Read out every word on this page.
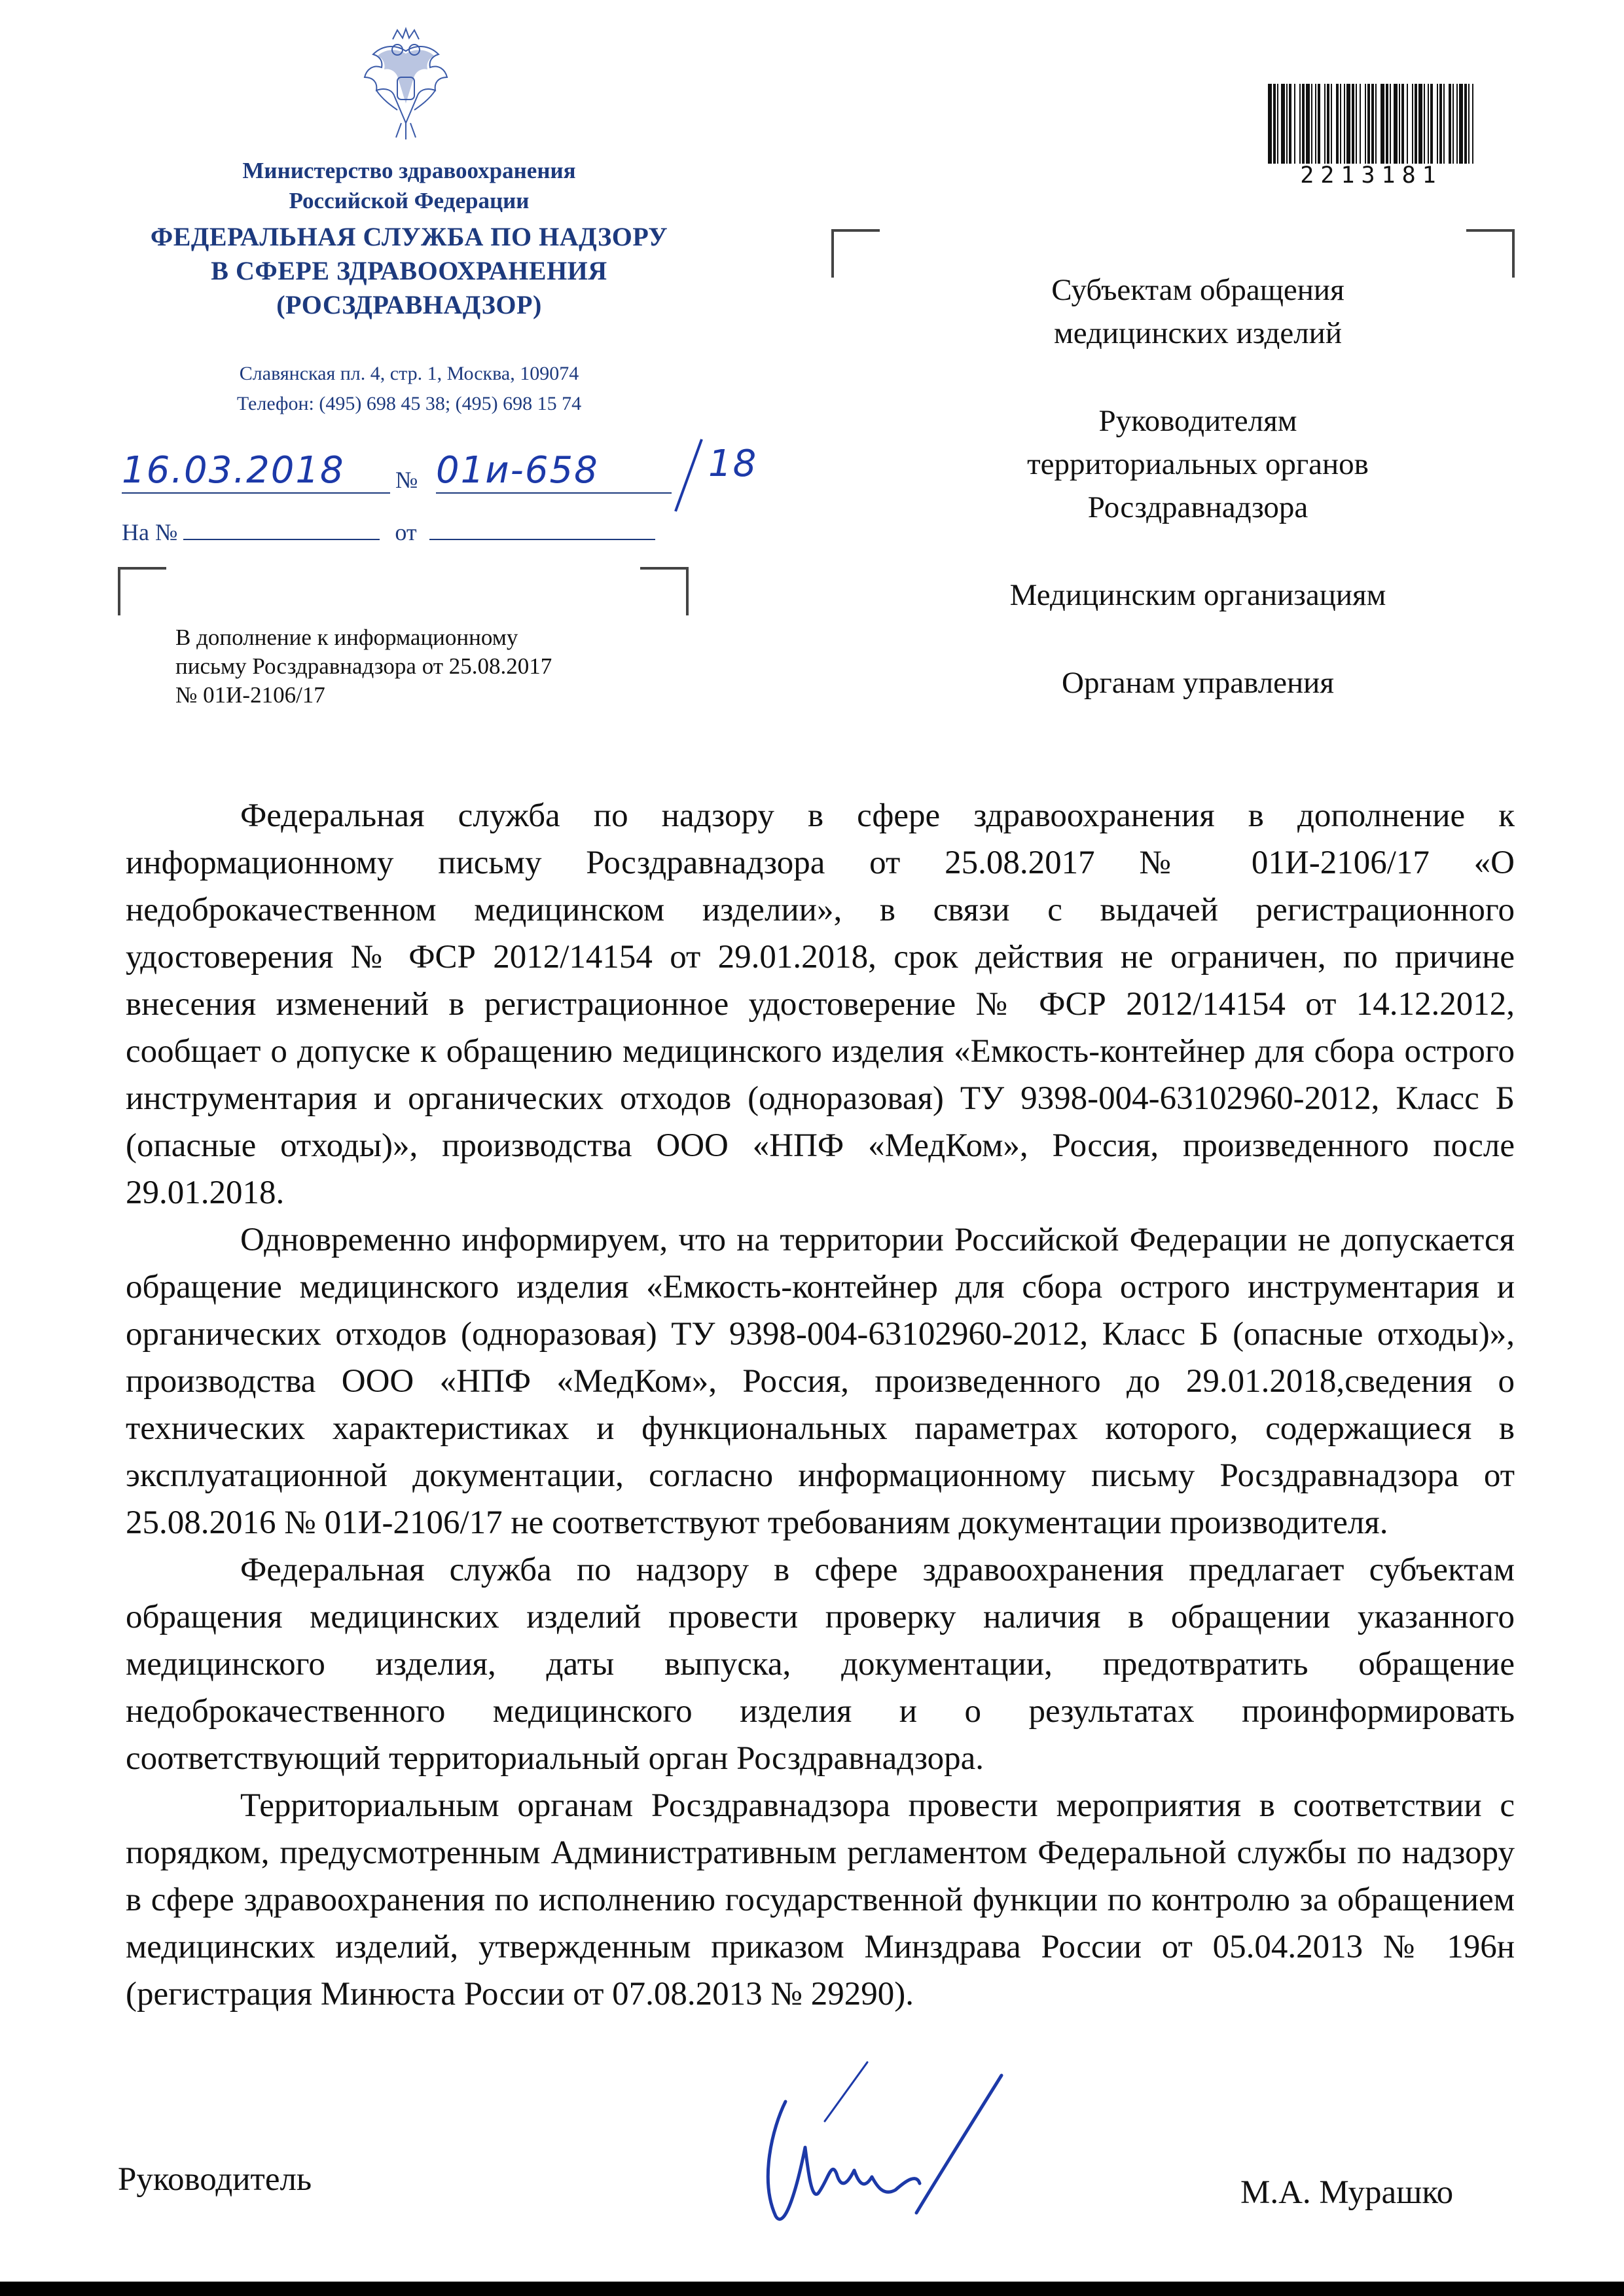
Министерство здравоохранения
Российской Федерации
ФЕДЕРАЛЬНАЯ СЛУЖБА ПО НАДЗОРУ
В СФЕРЕ ЗДРАВООХРАНЕНИЯ
(РОСЗДРАВНАДЗОР)
Славянская пл. 4, стр. 1, Москва, 109074
Телефон: (495) 698 45 38; (495) 698 15 74
16.03.2018	№ 01и-658	18
На №	от
В дополнение к информационному
письму Росздравнадзора от 25.08.2017
№ 01И-2106/17
2213181

Субъектам обращения медицинских изделий

Руководителям территориальных органов Росздравнадзора

Медицинским организациям

Органам управления

Федеральная служба по надзору в сфере здравоохранения в дополнение к информационному письму Росздравнадзора от 25.08.2017 № 01И-2106/17 «О недоброкачественном медицинском изделии», в связи с выдачей регистрационного удостоверения № ФСР 2012/14154 от 29.01.2018, срок действия не ограничен, по причине внесения изменений в регистрационное удостоверение № ФСР 2012/14154 от 14.12.2012, сообщает о допуске к обращению медицинского изделия «Емкость-контейнер для сбора острого инструментария и органических отходов (одноразовая) ТУ 9398-004-63102960-2012, Класс Б (опасные отходы)», производства ООО «НПФ «МедКом», Россия, произведенного после 29.01.2018.

Одновременно информируем, что на территории Российской Федерации не допускается обращение медицинского изделия «Емкость-контейнер для сбора острого инструментария и органических отходов (одноразовая) ТУ 9398-004-63102960-2012, Класс Б (опасные отходы)», производства ООО «НПФ «МедКом», Россия, произведенного до 29.01.2018,сведения о технических характеристиках и функциональных параметрах которого, содержащиеся в эксплуатационной документации, согласно информационному письму Росздравнадзора от 25.08.2016 № 01И-2106/17 не соответствуют требованиям документации производителя.

Федеральная служба по надзору в сфере здравоохранения предлагает субъектам обращения медицинских изделий провести проверку наличия в обращении указанного медицинского изделия, даты выпуска, документации, предотвратить обращение недоброкачественного медицинского изделия и о результатах проинформировать соответствующий территориальный орган Росздравнадзора.

Территориальным органам Росздравнадзора провести мероприятия в соответствии с порядком, предусмотренным Административным регламентом Федеральной службы по надзору в сфере здравоохранения по исполнению государственной функции по контролю за обращением медицинских изделий, утвержденным приказом Минздрава России от 05.04.2013 № 196н (регистрация Минюста России от 07.08.2013 № 29290).

Руководитель	М.А. Мурашко
